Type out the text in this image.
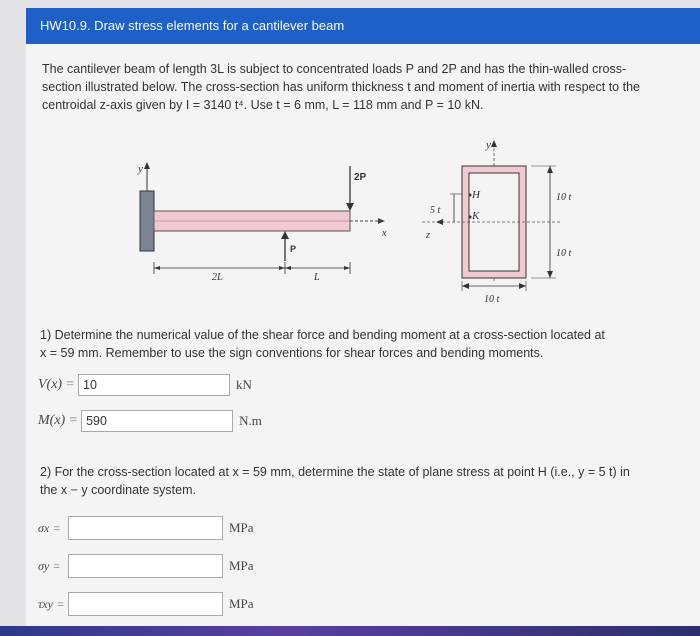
HW10.9. Draw stress elements for a cantilever beam
The cantilever beam of length 3L is subject to concentrated loads P and 2P and has the thin-walled cross-
section illustrated below. The cross-section has uniform thickness t and moment of inertia with respect to the
centroidal z-axis given by I = 3140 t⁴. Use t = 6 mm, L = 118 mm and P = 10 kN.
y
x
2P
P
2L	L
y
z
H
K
5 t
10 t
10 t
10 t
1) Determine the numerical value of the shear force and bending moment at a cross-section located at
x = 59 mm. Remember to use the sign conventions for shear forces and bending moments.
V(x) = 10	kN
M(x) = 590	N.m
2) For the cross-section located at x = 59 mm, determine the state of plane stress at point H (i.e., y = 5 t) in
the x − y coordinate system.
σx =	MPa
σy =	MPa
τxy =	MPa
